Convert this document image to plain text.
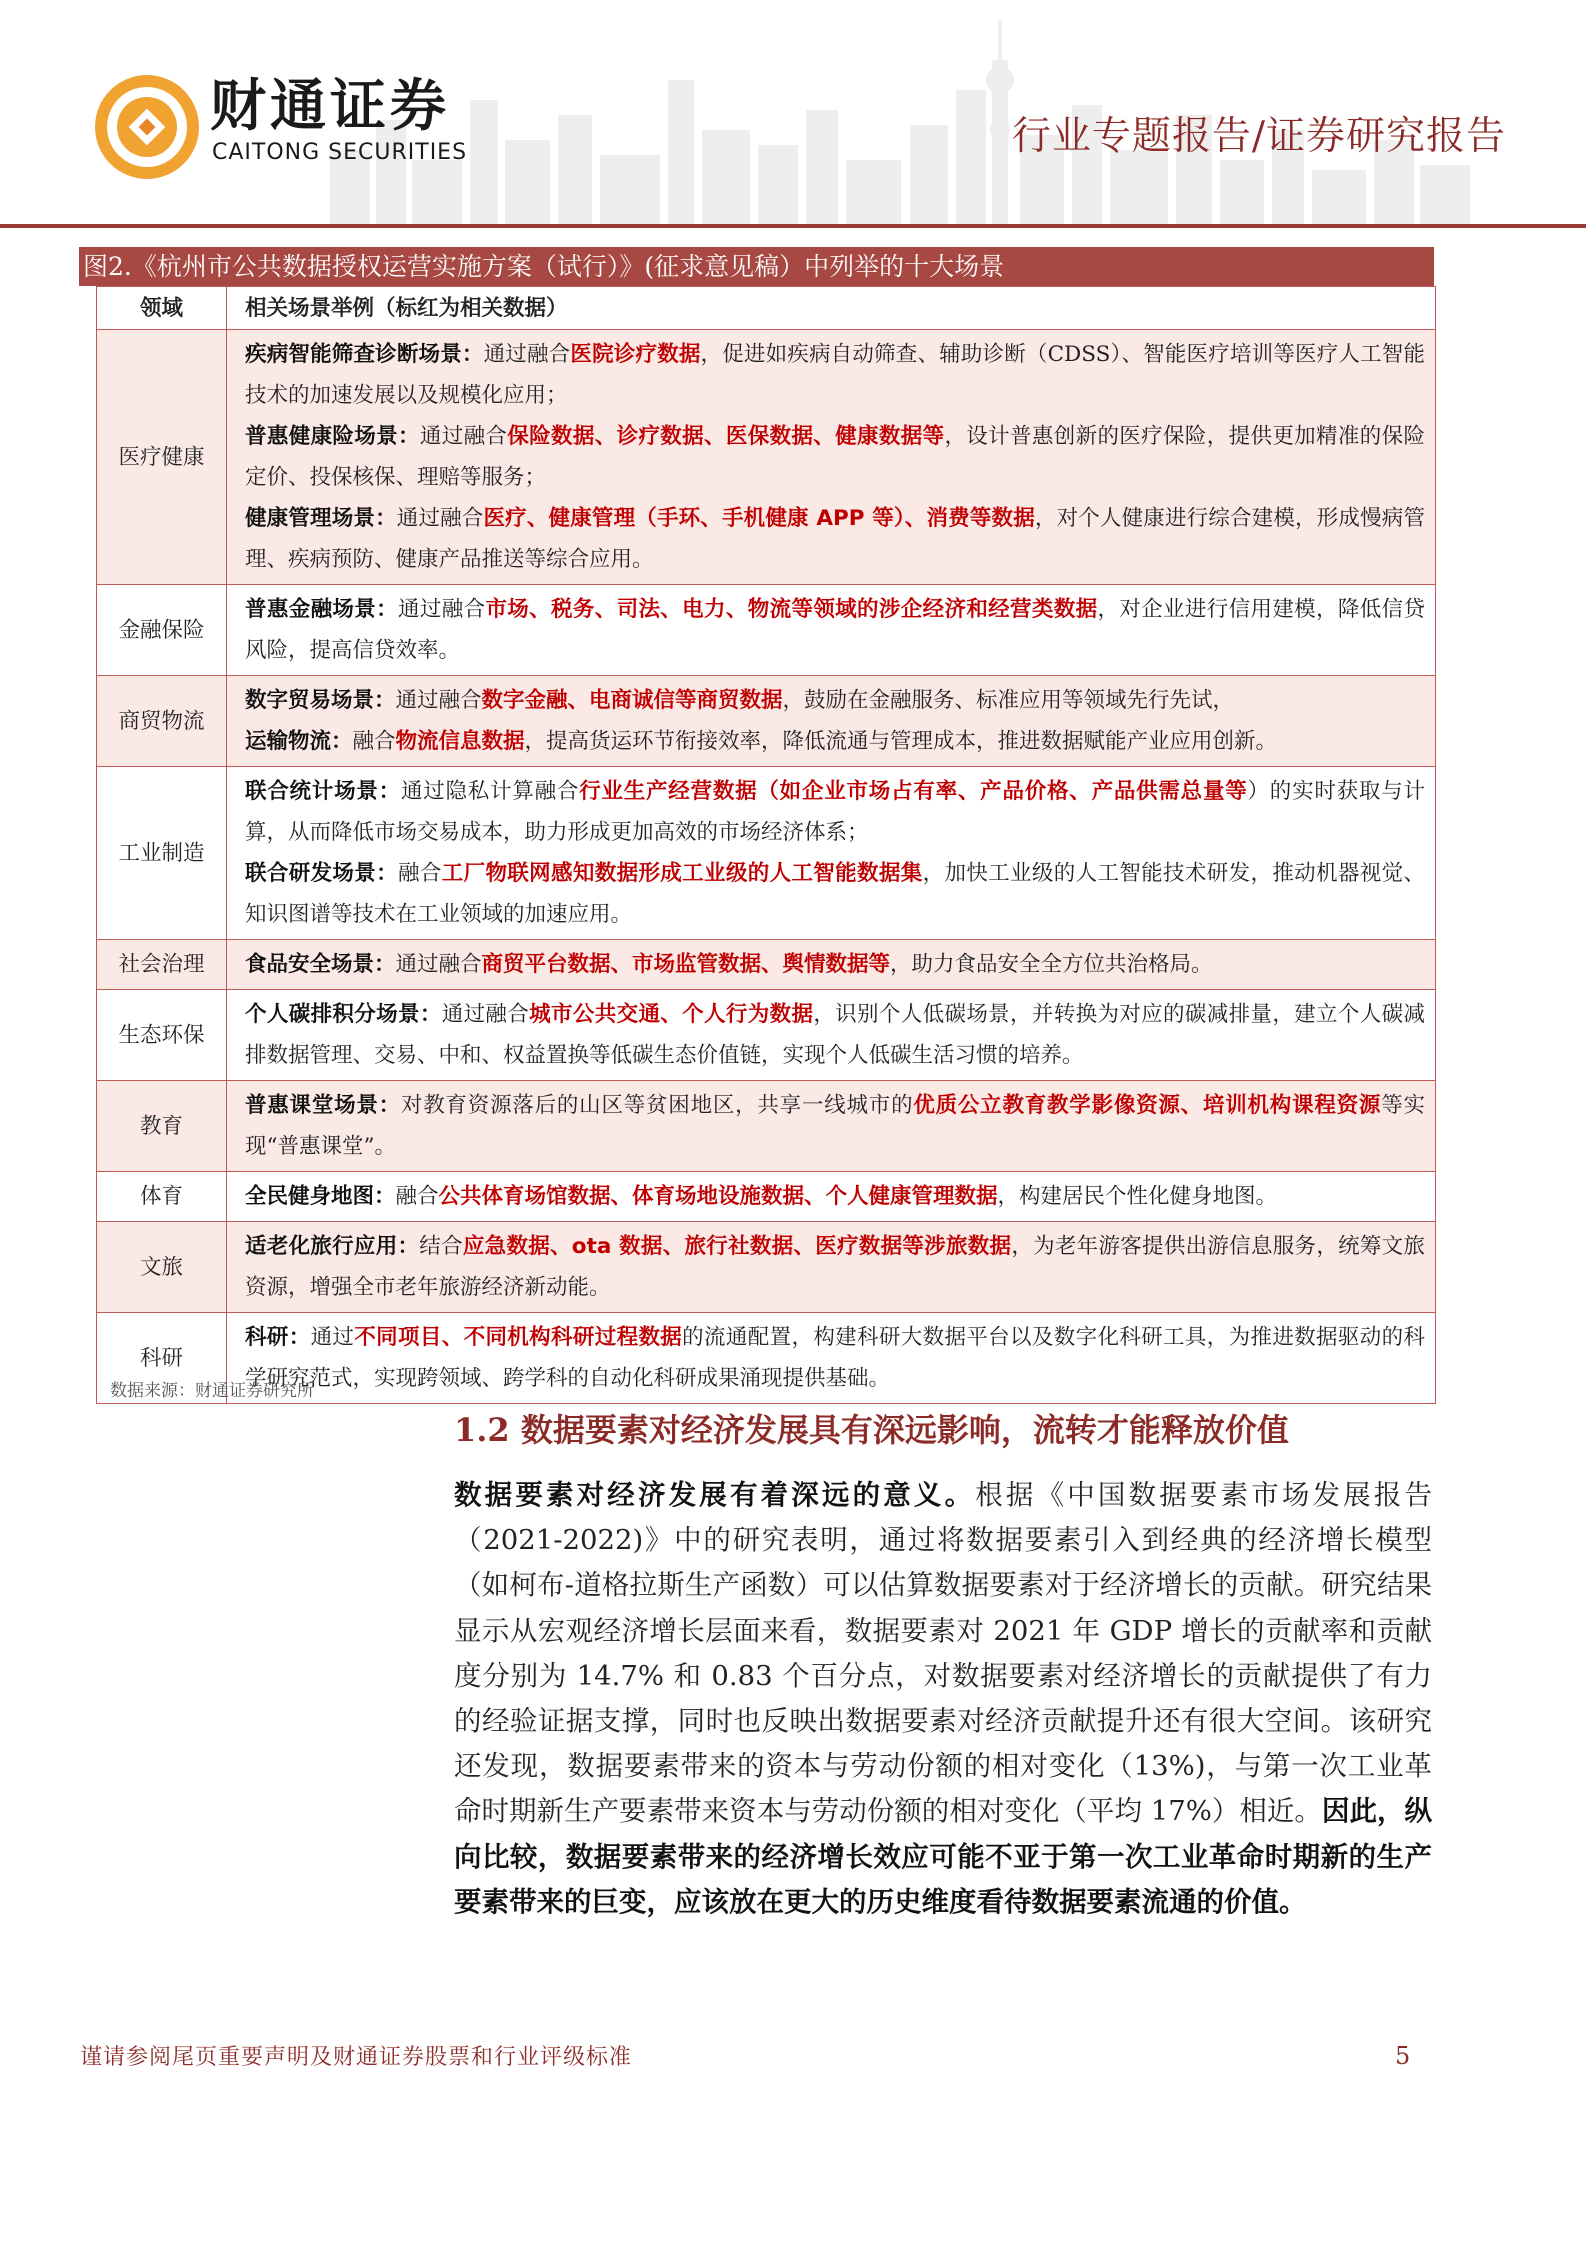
财通证券
CAITONG SECURITIES	行业专题报告/证券研究报告
图2.《杭州市公共数据授权运营实施方案（试行）》(征求意见稿）中列举的十大场景
领域	相关场景举例（标红为相关数据）
医疗健康	疾病智能筛查诊断场景：通过融合医院诊疗数据，促进如疾病自动筛查、辅助诊断（CDSS）、智能医疗培训等医疗人工智能技术的加速发展以及规模化应用；
普惠健康险场景：通过融合保险数据、诊疗数据、医保数据、健康数据等，设计普惠创新的医疗保险，提供更加精准的保险定价、投保核保、理赔等服务；
健康管理场景：通过融合医疗、健康管理（手环、手机健康 APP 等）、消费等数据，对个人健康进行综合建模，形成慢病管理、疾病预防、健康产品推送等综合应用。

金融保险	普惠金融场景：通过融合市场、税务、司法、电力、物流等领域的涉企经济和经营类数据，对企业进行信用建模，降低信贷风险，提高信贷效率。

商贸物流	数字贸易场景：通过融合数字金融、电商诚信等商贸数据，鼓励在金融服务、标准应用等领域先行先试，
运输物流：融合物流信息数据，提高货运环节衔接效率，降低流通与管理成本，推进数据赋能产业应用创新。

工业制造	联合统计场景：通过隐私计算融合行业生产经营数据（如企业市场占有率、产品价格、产品供需总量等）的实时获取与计算，从而降低市场交易成本，助力形成更加高效的市场经济体系；
联合研发场景：融合工厂物联网感知数据形成工业级的人工智能数据集，加快工业级的人工智能技术研发，推动机器视觉、知识图谱等技术在工业领域的加速应用。

社会治理	食品安全场景：通过融合商贸平台数据、市场监管数据、舆情数据等，助力食品安全全方位共治格局。

生态环保	个人碳排积分场景：通过融合城市公共交通、个人行为数据，识别个人低碳场景，并转换为对应的碳减排量，建立个人碳减排数据管理、交易、中和、权益置换等低碳生态价值链，实现个人低碳生活习惯的培养。

教育	普惠课堂场景：对教育资源落后的山区等贫困地区，共享一线城市的优质公立教育教学影像资源、培训机构课程资源等实现“普惠课堂”。

体育	全民健身地图：融合公共体育场馆数据、体育场地设施数据、个人健康管理数据，构建居民个性化健身地图。

文旅	适老化旅行应用：结合应急数据、ota 数据、旅行社数据、医疗数据等涉旅数据，为老年游客提供出游信息服务，统筹文旅资源，增强全市老年旅游经济新动能。

科研	科研：通过不同项目、不同机构科研过程数据的流通配置，构建科研大数据平台以及数字化科研工具，为推进数据驱动的科学研究范式，实现跨领域、跨学科的自动化科研成果涌现提供基础。
数据来源：财通证券研究所
1.2 数据要素对经济发展具有深远影响，流转才能释放价值

数据要素对经济发展有着深远的意义。根据《中国数据要素市场发展报告（2021-2022)》中的研究表明，通过将数据要素引入到经典的经济增长模型（如柯布-道格拉斯生产函数）可以估算数据要素对于经济增长的贡献。研究结果显示从宏观经济增长层面来看，数据要素对 2021 年 GDP 增长的贡献率和贡献度分别为 14.7% 和 0.83 个百分点，对数据要素对经济增长的贡献提供了有力的经验证据支撑，同时也反映出数据要素对经济贡献提升还有很大空间。该研究还发现，数据要素带来的资本与劳动份额的相对变化（13%)，与第一次工业革命时期新生产要素带来资本与劳动份额的相对变化（平均 17%）相近。因此，纵向比较，数据要素带来的经济增长效应可能不亚于第一次工业革命时期新的生产要素带来的巨变，应该放在更大的历史维度看待数据要素流通的价值。

谨请参阅尾页重要声明及财通证券股票和行业评级标准	5
